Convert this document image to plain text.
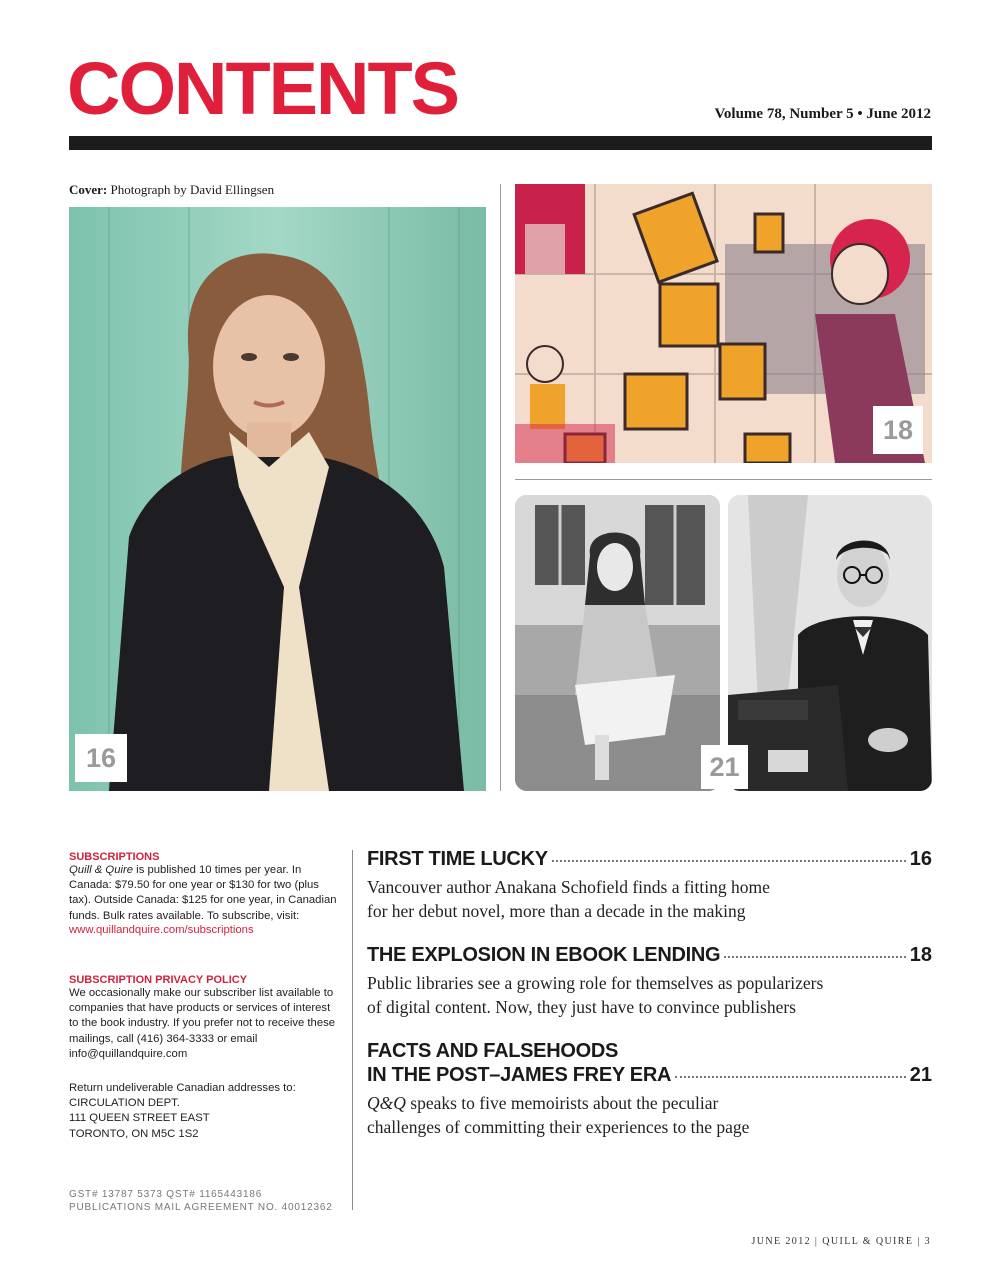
CONTENTS	Volume 78, Number 5 • June 2012
Cover: Photograph by David Ellingsen
16
18
21
SUBSCRIPTIONS
Quill & Quire is published 10 times per year. In Canada: $79.50 for one year or $130 for two (plus tax). Outside Canada: $125 for one year, in Canadian funds. Bulk rates available. To subscribe, visit:
www.quillandquire.com/subscriptions
SUBSCRIPTION PRIVACY POLICY
We occasionally make our subscriber list available to companies that have products or services of interest to the book industry. If you prefer not to receive these mailings, call (416) 364-3333 or email info@quillandquire.com
Return undeliverable Canadian addresses to:
CIRCULATION DEPT.
111 QUEEN STREET EAST
TORONTO, ON M5C 1S2
GST# 13787 5373 QST# 1165443186
PUBLICATIONS MAIL AGREEMENT NO. 40012362
FIRST TIME LUCKY	16
Vancouver author Anakana Schofield finds a fitting home
for her debut novel, more than a decade in the making
THE EXPLOSION IN EBOOK LENDING	18
Public libraries see a growing role for themselves as popularizers
of digital content. Now, they just have to convince publishers
FACTS AND FALSEHOODS
IN THE POST–JAMES FREY ERA	21
Q&Q speaks to five memoirists about the peculiar
challenges of committing their experiences to the page
JUNE 2012 | QUILL & QUIRE | 3
